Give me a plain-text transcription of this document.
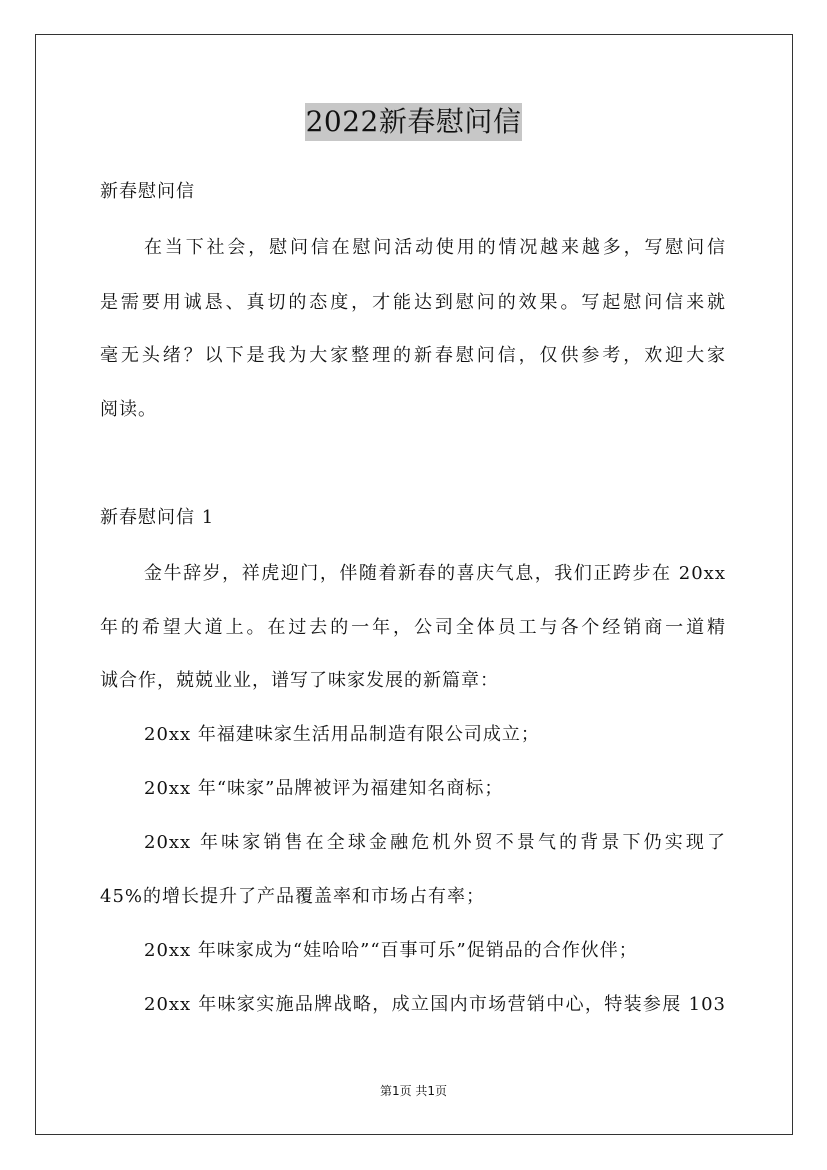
2022新春慰问信
新春慰问信
在当下社会，慰问信在慰问活动使用的情况越来越多，写慰问信
是需要用诚恳、真切的态度，才能达到慰问的效果。写起慰问信来就
毫无头绪？以下是我为大家整理的新春慰问信，仅供参考，欢迎大家
阅读。
新春慰问信 1
金牛辞岁，祥虎迎门，伴随着新春的喜庆气息，我们正跨步在 20xx
年的希望大道上。在过去的一年，公司全体员工与各个经销商一道精
诚合作，兢兢业业，谱写了味家发展的新篇章：
20xx 年福建味家生活用品制造有限公司成立；
20xx 年“味家”品牌被评为福建知名商标；
20xx 年味家销售在全球金融危机外贸不景气的背景下仍实现了
45%的增长提升了产品覆盖率和市场占有率；
20xx 年味家成为“娃哈哈”“百事可乐”促销品的合作伙伴；
20xx 年味家实施品牌战略，成立国内市场营销中心，特装参展 103
第1页 共1页
